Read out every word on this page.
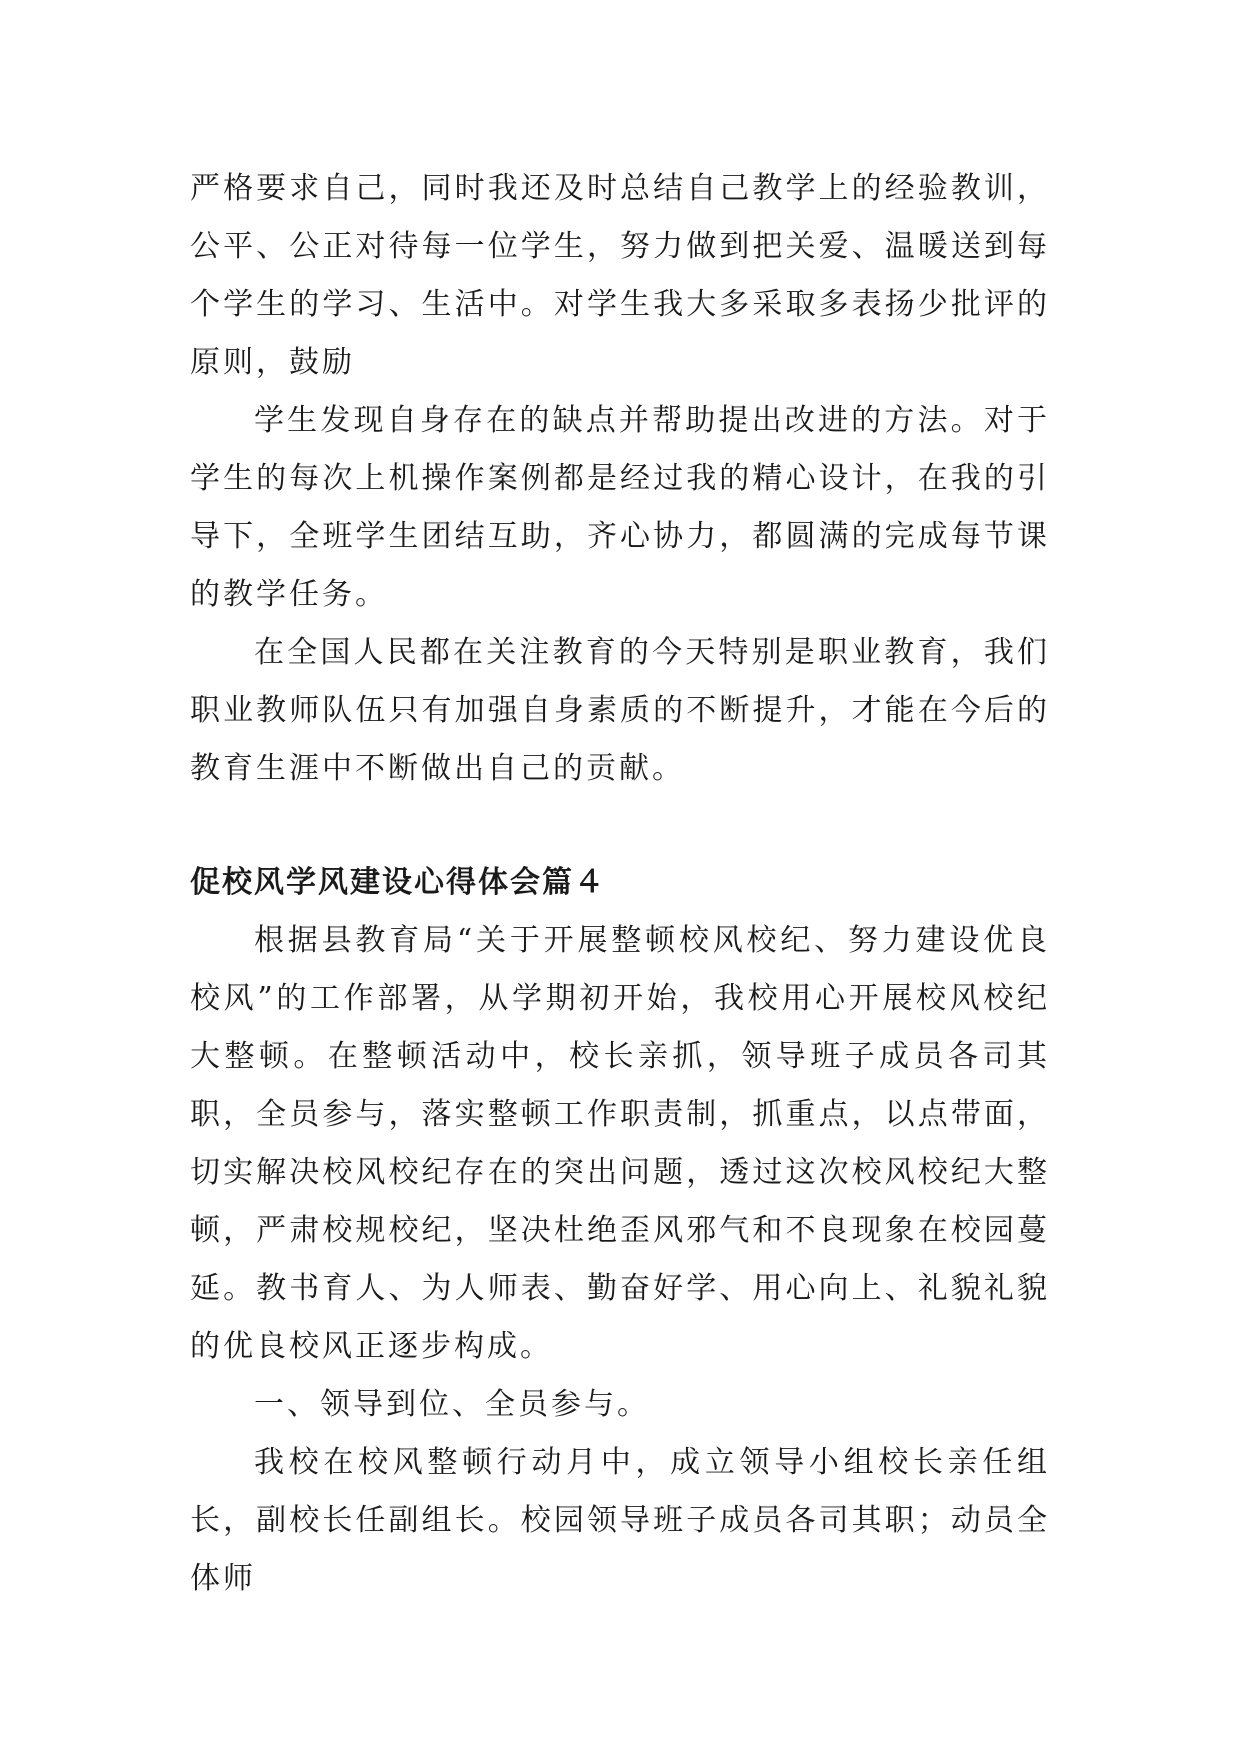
严格要求自己，同时我还及时总结自己教学上的经验教训，公平、公正对待每一位学生，努力做到把关爱、温暖送到每个学生的学习、生活中。对学生我大多采取多表扬少批评的原则，鼓励

学生发现自身存在的缺点并帮助提出改进的方法。对于学生的每次上机操作案例都是经过我的精心设计，在我的引导下，全班学生团结互助，齐心协力，都圆满的完成每节课的教学任务。

在全国人民都在关注教育的今天特别是职业教育，我们职业教师队伍只有加强自身素质的不断提升，才能在今后的教育生涯中不断做出自己的贡献。

促校风学风建设心得体会篇４

根据县教育局“关于开展整顿校风校纪、努力建设优良校风”的工作部署，从学期初开始，我校用心开展校风校纪大整顿。在整顿活动中，校长亲抓，领导班子成员各司其职，全员参与，落实整顿工作职责制，抓重点，以点带面，切实解决校风校纪存在的突出问题，透过这次校风校纪大整顿，严肃校规校纪，坚决杜绝歪风邪气和不良现象在校园蔓延。教书育人、为人师表、勤奋好学、用心向上、礼貌礼貌的优良校风正逐步构成。

一、领导到位、全员参与。

我校在校风整顿行动月中，成立领导小组校长亲任组长，副校长任副组长。校园领导班子成员各司其职；动员全体师
